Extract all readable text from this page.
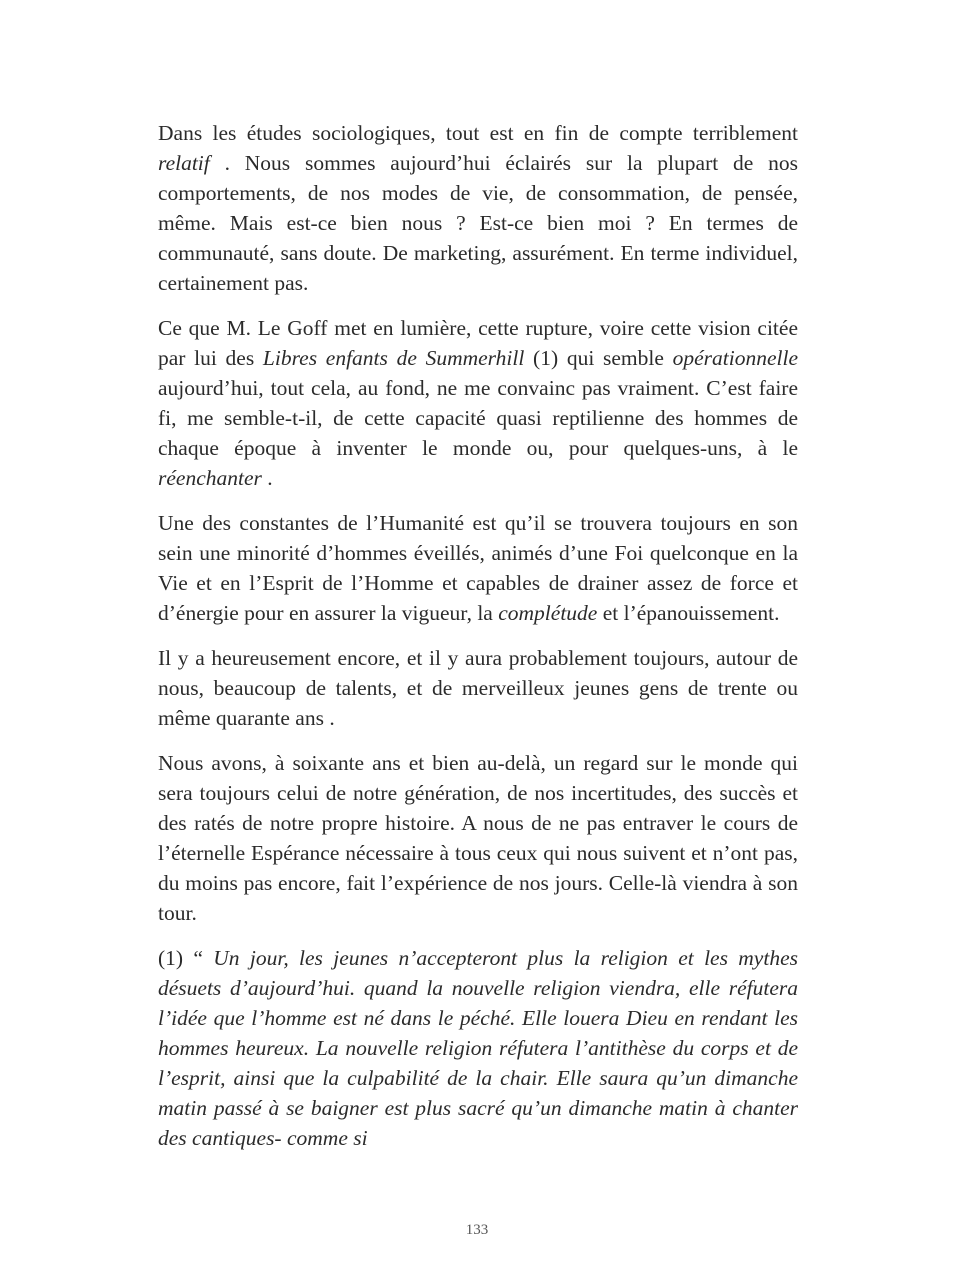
Dans les études sociologiques, tout est en fin de compte terriblement relatif . Nous sommes aujourd’hui éclairés sur la plupart de nos comportements, de nos modes de vie, de consommation, de pensée, même. Mais est-ce bien nous ? Est-ce bien moi ? En termes de communauté, sans doute. De marketing, assurément. En terme individuel, certainement pas.

Ce que M. Le Goff met en lumière, cette rupture, voire cette vision citée par lui des Libres enfants de Summerhill (1) qui semble opérationnelle aujourd’hui, tout cela, au fond, ne me convainc pas vraiment. C’est faire fi, me semble-t-il, de cette capacité quasi reptilienne des hommes de chaque époque à inventer le monde ou, pour quelques-uns, à le réenchanter .

Une des constantes de l’Humanité est qu’il se trouvera toujours en son sein une minorité d’hommes éveillés, animés d’une Foi quelconque en la Vie et en l’Esprit de l’Homme et capables de drainer assez de force et d’énergie pour en assurer la vigueur, la complétude et l’épanouissement.

Il y a heureusement encore, et il y aura probablement toujours, autour de nous, beaucoup de talents, et de merveilleux jeunes gens de trente ou même quarante ans .

Nous avons, à soixante ans et bien au-delà, un regard sur le monde qui sera toujours celui de notre génération, de nos incertitudes, des succès et des ratés de notre propre histoire. A nous de ne pas entraver le cours de l’éternelle Espérance nécessaire à tous ceux qui nous suivent et n’ont pas, du moins pas encore, fait l’expérience de nos jours. Celle-là viendra à son tour.

(1) “ Un jour, les jeunes n’accepteront plus la religion et les mythes désuets d’aujourd’hui. quand la nouvelle religion viendra, elle réfutera l’idée que l’homme est né dans le péché. Elle louera Dieu en rendant les hommes heureux. La nouvelle religion réfutera l’antithèse du corps et de l’esprit, ainsi que la culpabilité de la chair. Elle saura qu’un dimanche matin passé à se baigner est plus sacré qu’un dimanche matin à chanter des cantiques- comme si

133
